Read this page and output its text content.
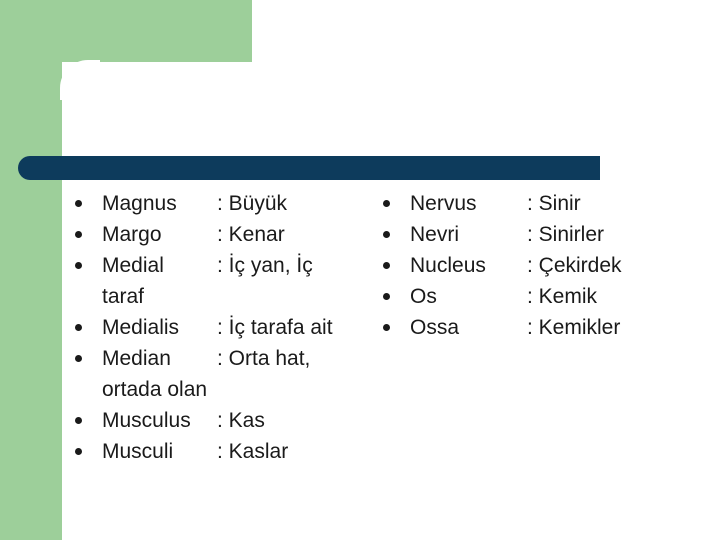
Magnus	: Büyük
Margo	: Kenar
Medial	: İç yan, İç
taraf
Medialis	: İç tarafa ait
Median	: Orta hat,
ortada olan
Musculus	: Kas
Musculi	: Kaslar
Nervus	: Sinir
Nevri	: Sinirler
Nucleus	: Çekirdek
Os	: Kemik
Ossa	: Kemikler
